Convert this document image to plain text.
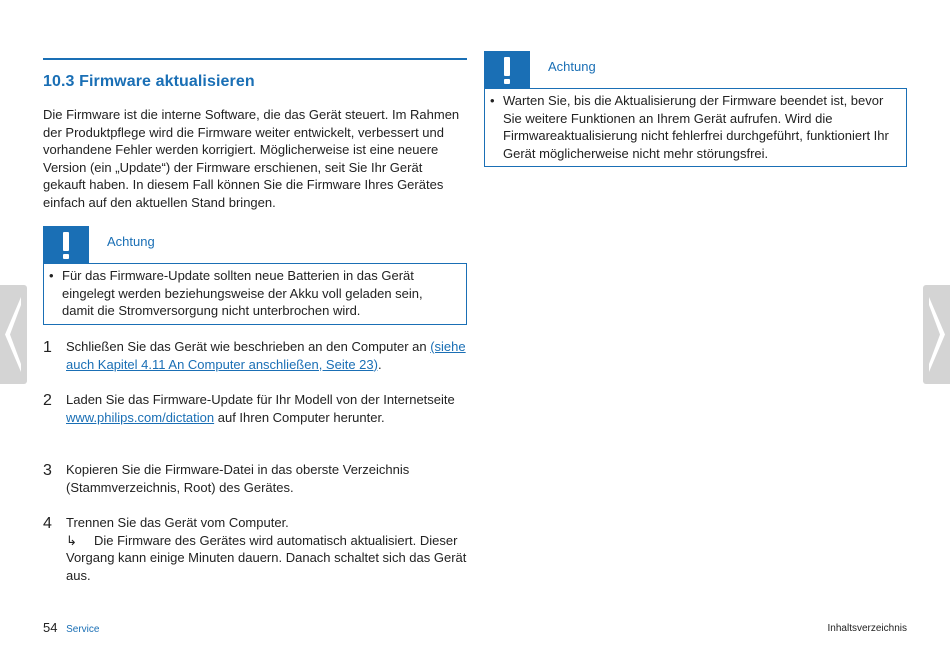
10.3 Firmware aktualisieren

Die Firmware ist die interne Software, die das Gerät steuert. Im Rahmen der Produktpflege wird die Firmware weiter entwickelt, verbessert und vorhandene Fehler werden korrigiert. Möglicherweise ist eine neuere Version (ein „Update“) der Firmware erschienen, seit Sie Ihr Gerät gekauft haben. In diesem Fall können Sie die Firmware Ihres Gerätes einfach auf den aktuellen Stand bringen.

Achtung
• Für das Firmware-Update sollten neue Batterien in das Gerät eingelegt werden beziehungsweise der Akku voll geladen sein, damit die Stromversorgung nicht unterbrochen wird.
Achtung
• Warten Sie, bis die Aktualisierung der Firmware beendet ist, bevor Sie weitere Funktionen an Ihrem Gerät aufrufen. Wird die Firmwareaktualisierung nicht fehlerfrei durchgeführt, funktioniert Ihr Gerät möglicherweise nicht mehr störungsfrei.
1 Schließen Sie das Gerät wie beschrieben an den Computer an (siehe auch Kapitel 4.11 An Computer anschließen, Seite 23).
2 Laden Sie das Firmware-Update für Ihr Modell von der Internetseite www.philips.com/dictation auf Ihren Computer herunter.
3 Kopieren Sie die Firmware-Datei in das oberste Verzeichnis (Stammverzeichnis, Root) des Gerätes.
4 Trennen Sie das Gerät vom Computer.
↳ Die Firmware des Gerätes wird automatisch aktualisiert. Dieser Vorgang kann einige Minuten dauern. Danach schaltet sich das Gerät aus.
54 Service	Inhaltsverzeichnis
